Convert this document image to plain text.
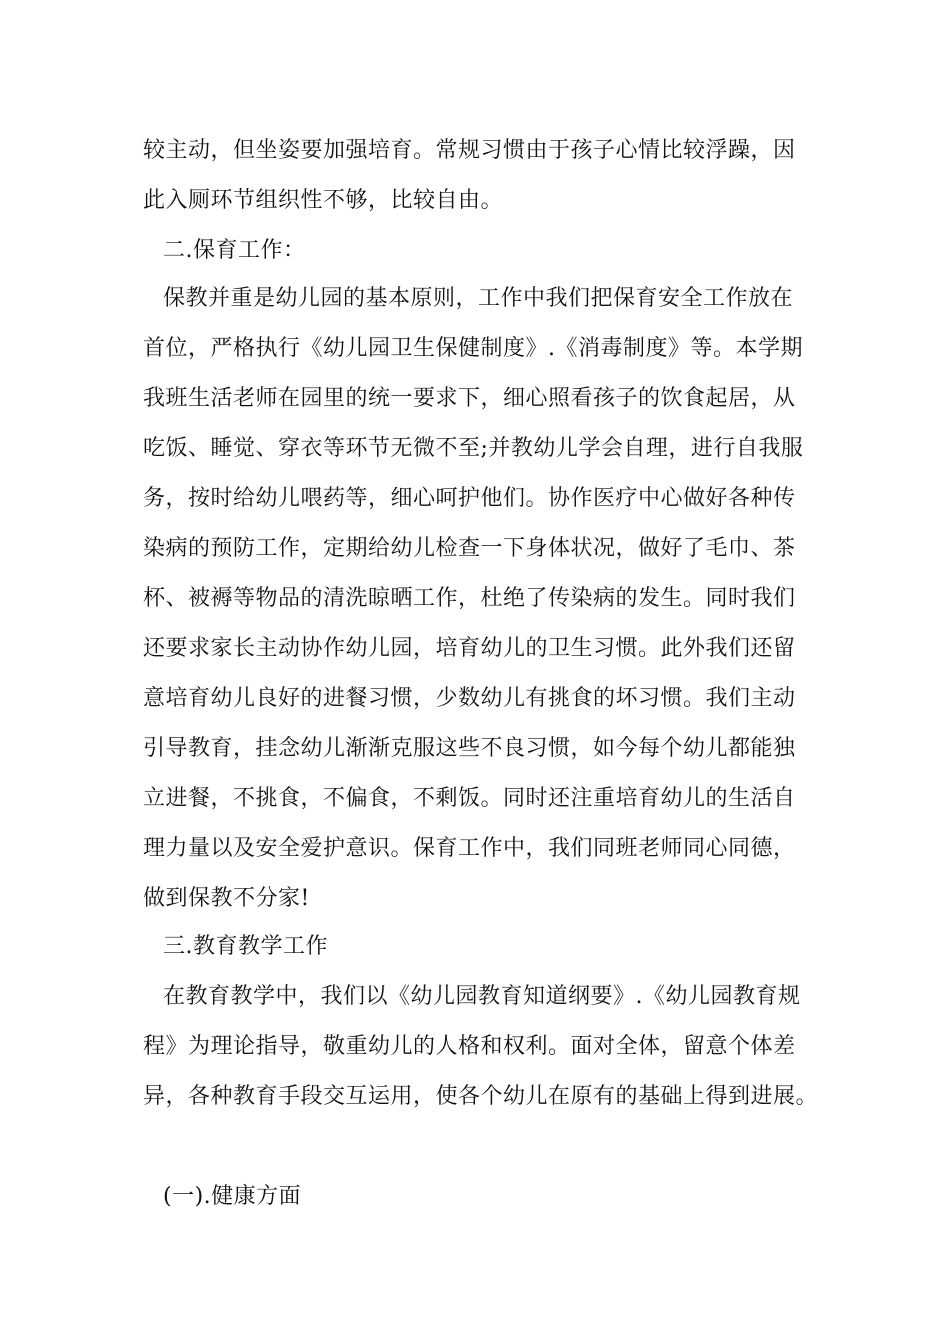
较主动，但坐姿要加强培育。常规习惯由于孩子心情比较浮躁，因
此入厕环节组织性不够，比较自由。
二.保育工作：
保教并重是幼儿园的基本原则，工作中我们把保育安全工作放在
首位，严格执行《幼儿园卫生保健制度》.《消毒制度》等。本学期
我班生活老师在园里的统一要求下，细心照看孩子的饮食起居，从
吃饭、睡觉、穿衣等环节无微不至;并教幼儿学会自理，进行自我服
务，按时给幼儿喂药等，细心呵护他们。协作医疗中心做好各种传
染病的预防工作，定期给幼儿检查一下身体状况，做好了毛巾、茶
杯、被褥等物品的清洗晾晒工作，杜绝了传染病的发生。同时我们
还要求家长主动协作幼儿园，培育幼儿的卫生习惯。此外我们还留
意培育幼儿良好的进餐习惯，少数幼儿有挑食的坏习惯。我们主动
引导教育，挂念幼儿渐渐克服这些不良习惯，如今每个幼儿都能独
立进餐，不挑食，不偏食，不剩饭。同时还注重培育幼儿的生活自
理力量以及安全爱护意识。保育工作中，我们同班老师同心同德，
做到保教不分家!
三.教育教学工作
在教育教学中，我们以《幼儿园教育知道纲要》.《幼儿园教育规
程》为理论指导，敬重幼儿的人格和权利。面对全体，留意个体差
异，各种教育手段交互运用，使各个幼儿在原有的基础上得到进展。
(一).健康方面
